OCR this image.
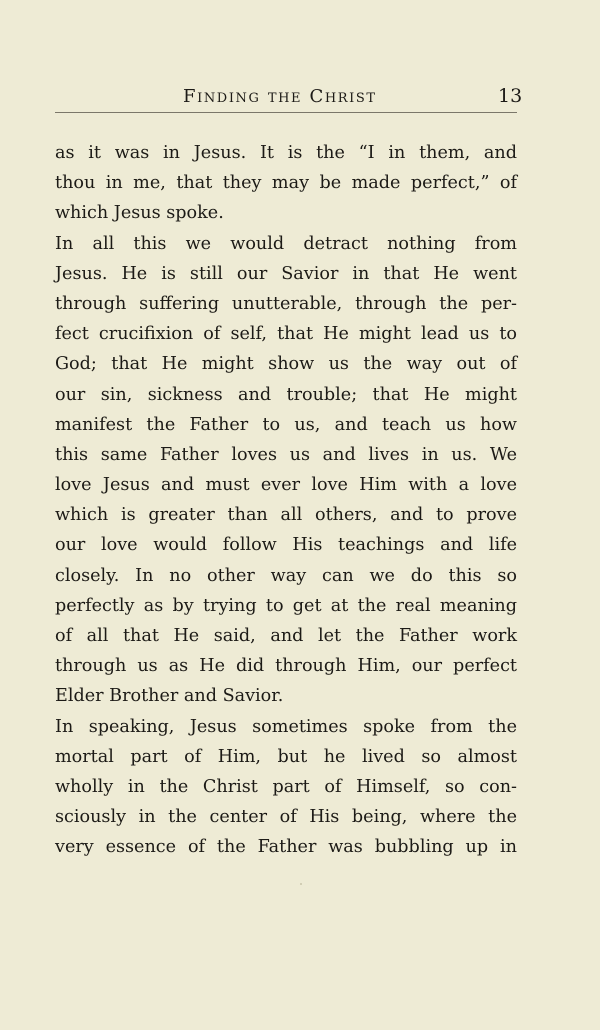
Finding the Christ	13
as it was in Jesus. It is the “I in them, and
thou in me, that they may be made perfect,” of
which Jesus spoke.
In all this we would detract nothing from
Jesus. He is still our Savior in that He went
through suffering unutterable, through the per-
fect crucifixion of self, that He might lead us to
God; that He might show us the way out of
our sin, sickness and trouble; that He might
manifest the Father to us, and teach us how
this same Father loves us and lives in us. We
love Jesus and must ever love Him with a love
which is greater than all others, and to prove
our love would follow His teachings and life
closely. In no other way can we do this so
perfectly as by trying to get at the real meaning
of all that He said, and let the Father work
through us as He did through Him, our perfect
Elder Brother and Savior.
In speaking, Jesus sometimes spoke from the
mortal part of Him, but he lived so almost
wholly in the Christ part of Himself, so con-
sciously in the center of His being, where the
very essence of the Father was bubbling up in
